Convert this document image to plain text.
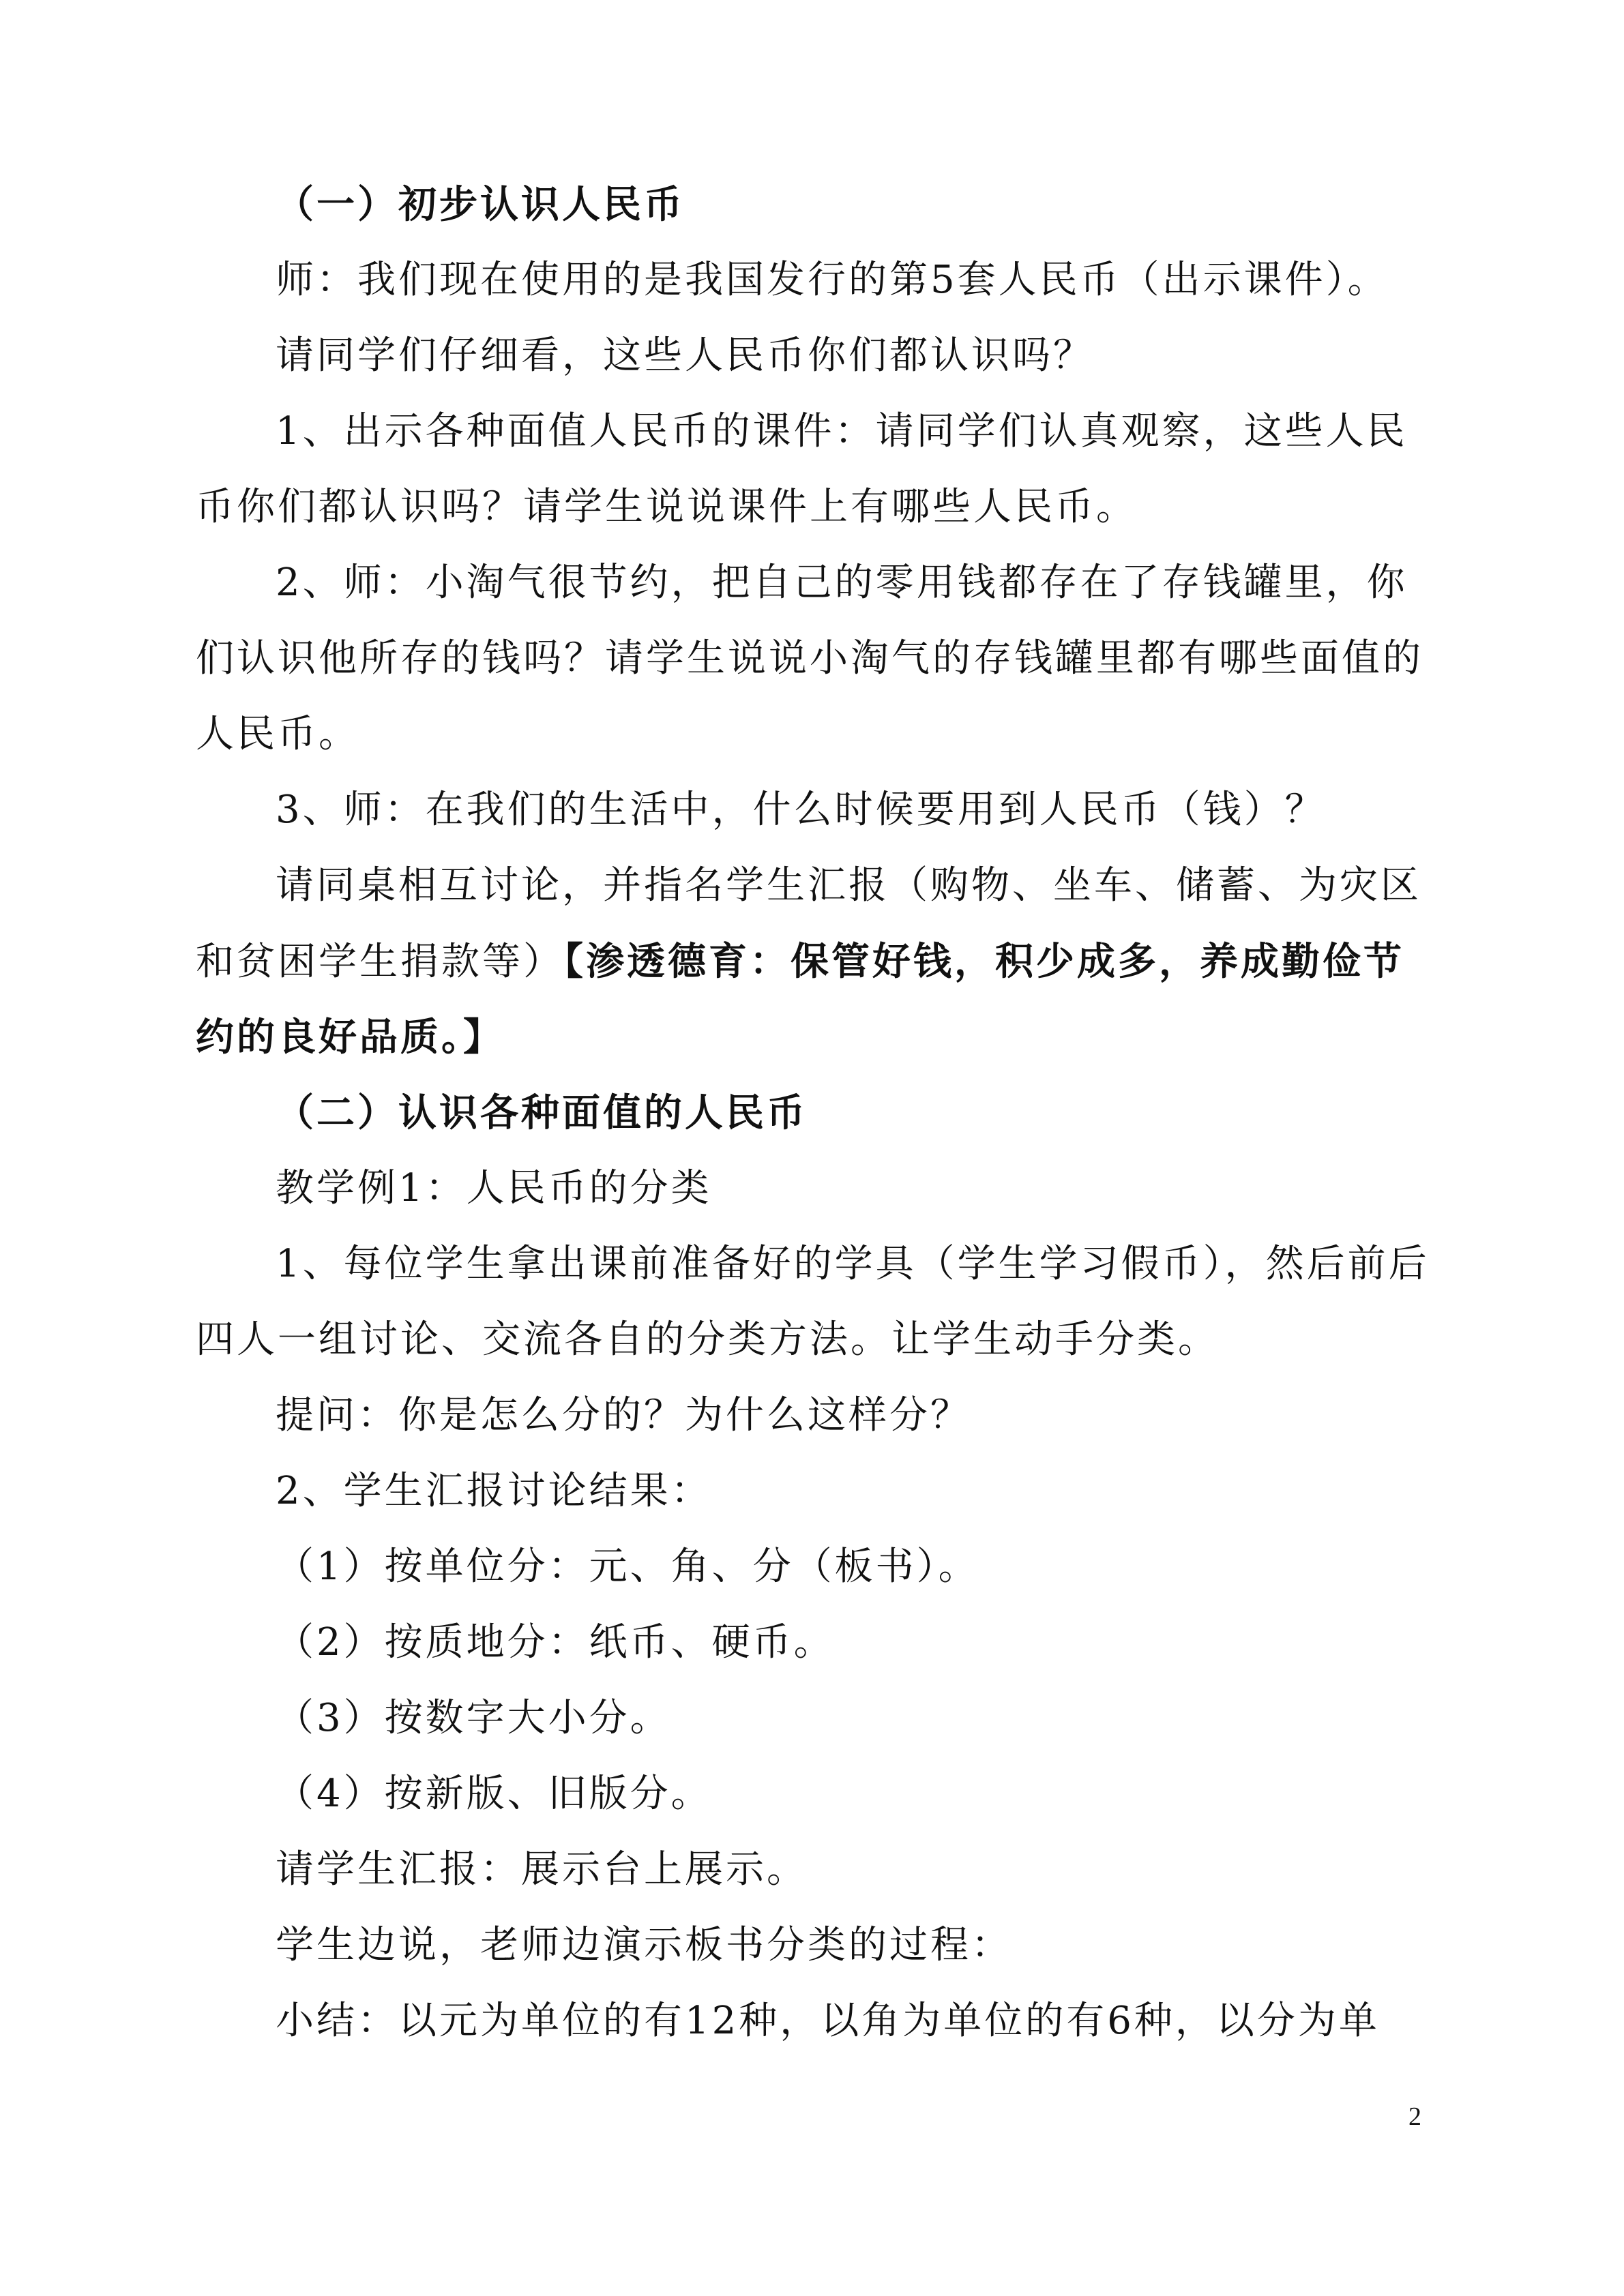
（一）初步认识人民币
师：我们现在使用的是我国发行的第5套人民币（出示课件）。
请同学们仔细看，这些人民币你们都认识吗？
1、出示各种面值人民币的课件：请同学们认真观察，这些人民
币你们都认识吗？请学生说说课件上有哪些人民币。
2、师：小淘气很节约，把自己的零用钱都存在了存钱罐里，你
们认识他所存的钱吗？请学生说说小淘气的存钱罐里都有哪些面值的
人民币。
3、师：在我们的生活中，什么时候要用到人民币（钱）？
请同桌相互讨论，并指名学生汇报（购物、坐车、储蓄、为灾区
和贫困学生捐款等）【渗透德育：保管好钱，积少成多，养成勤俭节
约的良好品质。】
（二）认识各种面值的人民币
教学例1：人民币的分类
1、每位学生拿出课前准备好的学具（学生学习假币），然后前后
四人一组讨论、交流各自的分类方法。让学生动手分类。
提问：你是怎么分的？为什么这样分？
2、学生汇报讨论结果：
（1）按单位分：元、角、分（板书）。
（2）按质地分：纸币、硬币。
（3）按数字大小分。
（4）按新版、旧版分。
请学生汇报：展示台上展示。
学生边说，老师边演示板书分类的过程：
小结：以元为单位的有12种，以角为单位的有6种，以分为单
2
